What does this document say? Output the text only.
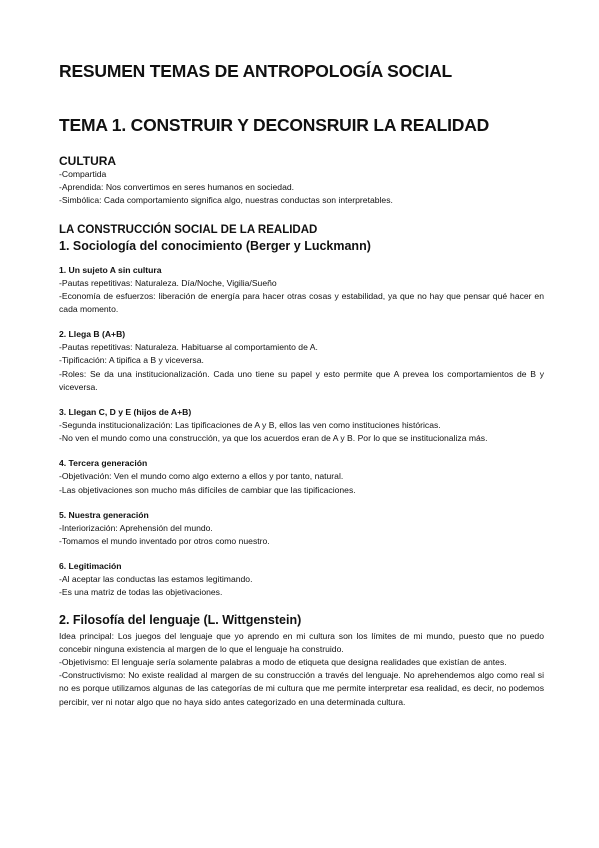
RESUMEN TEMAS DE ANTROPOLOGÍA SOCIAL
TEMA 1. CONSTRUIR Y DECONSRUIR LA REALIDAD
CULTURA

-Compartida

-Aprendida: Nos convertimos en seres humanos en sociedad.

-Simbólica: Cada comportamiento significa algo, nuestras conductas son interpretables.

LA CONSTRUCCIÓN SOCIAL DE LA REALIDAD
1. Sociología del conocimiento (Berger y Luckmann)

1. Un sujeto A sin cultura

-Pautas repetitivas: Naturaleza. Día/Noche, Vigilia/Sueño

-Economía de esfuerzos: liberación de energía para hacer otras cosas y estabilidad, ya que no hay que pensar qué hacer en cada momento.

2. Llega B (A+B)

-Pautas repetitivas: Naturaleza. Habituarse al comportamiento de A.

-Tipificación: A tipifica a B y viceversa.

-Roles: Se da una institucionalización. Cada uno tiene su papel y esto permite que A prevea los comportamientos de B y viceversa.

3. Llegan C, D y E (hijos de A+B)

-Segunda institucionalización: Las tipificaciones de A y B, ellos las ven como instituciones históricas.

-No ven el mundo como una construcción, ya que los acuerdos eran de A y B. Por lo que se institucionaliza más.

4. Tercera generación

-Objetivación: Ven el mundo como algo externo a ellos y por tanto, natural.

-Las objetivaciones son mucho más difíciles de cambiar que las tipificaciones.

5. Nuestra generación

-Interiorización: Aprehensión del mundo.

-Tomamos el mundo inventado por otros como nuestro.

6. Legitimación

-Al aceptar las conductas las estamos legitimando.

-Es una matriz de todas las objetivaciones.

2. Filosofía del lenguaje (L. Wittgenstein)

Idea principal: Los juegos del lenguaje que yo aprendo en mi cultura son los límites de mi mundo, puesto que no puedo concebir ninguna existencia al margen de lo que el lenguaje ha construido.

-Objetivismo: El lenguaje sería solamente palabras a modo de etiqueta que designa realidades que existían de antes.

-Constructivismo: No existe realidad al margen de su construcción a través del lenguaje. No aprehendemos algo como real si no es porque utilizamos algunas de las categorías de mi cultura que me permite interpretar esa realidad, es decir, no podemos percibir, ver ni notar algo que no haya sido antes categorizado en una determinada cultura.
